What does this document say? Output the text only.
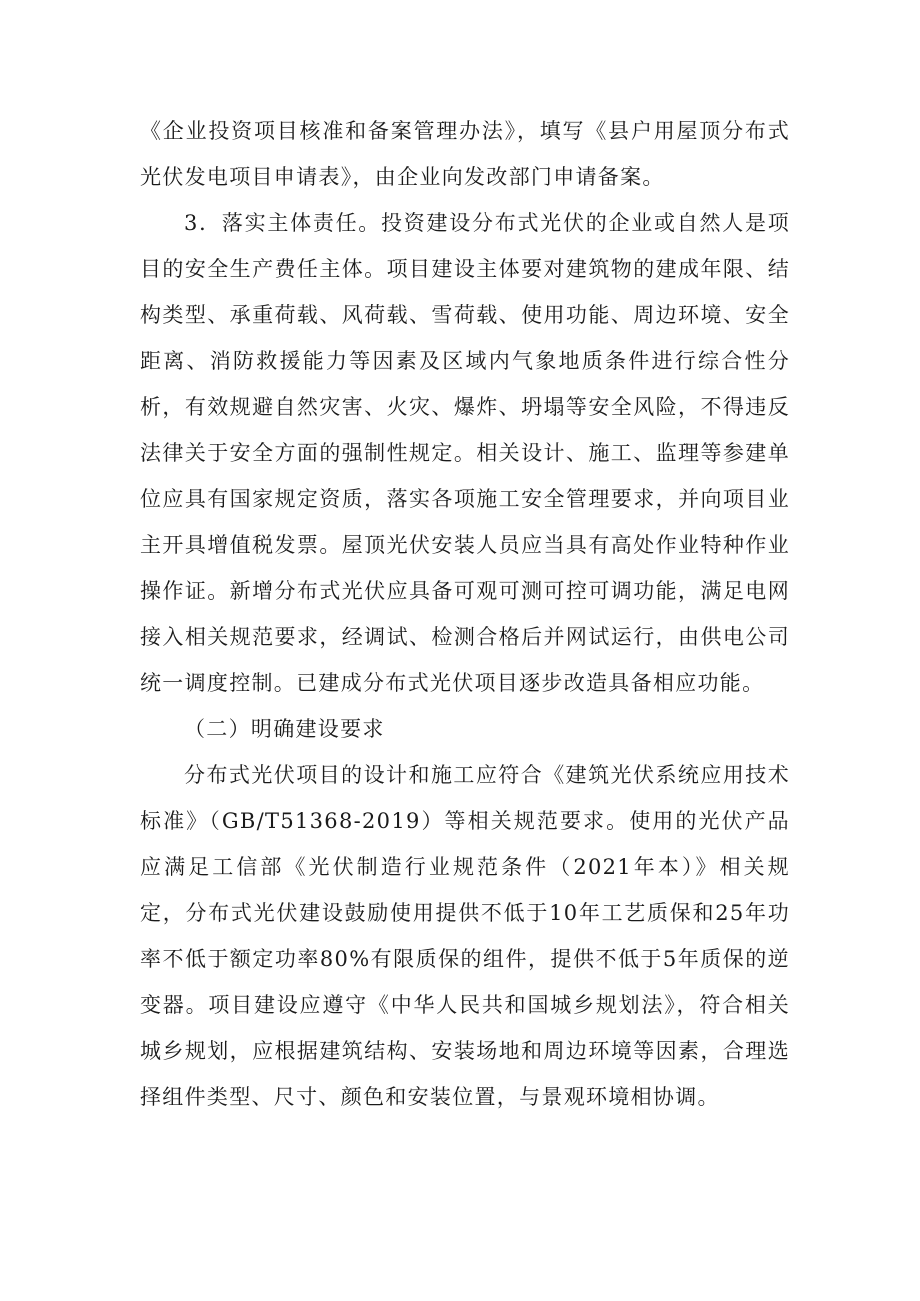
《企业投资项目核准和备案管理办法》，填写《县户用屋顶分布式光伏发电项目申请表》，由企业向发改部门申请备案。

3．落实主体责任。投资建设分布式光伏的企业或自然人是项目的安全生产费任主体。项目建设主体要对建筑物的建成年限、结构类型、承重荷载、风荷载、雪荷载、使用功能、周边环境、安全距离、消防救援能力等因素及区域内气象地质条件进行综合性分析，有效规避自然灾害、火灾、爆炸、坍塌等安全风险，不得违反法律关于安全方面的强制性规定。相关设计、施工、监理等参建单位应具有国家规定资质，落实各项施工安全管理要求，并向项目业主开具增值税发票。屋顶光伏安装人员应当具有高处作业特种作业操作证。新增分布式光伏应具备可观可测可控可调功能，满足电网接入相关规范要求，经调试、检测合格后并网试运行，由供电公司统一调度控制。已建成分布式光伏项目逐步改造具备相应功能。

（二）明确建设要求

分布式光伏项目的设计和施工应符合《建筑光伏系统应用技术标准》（GB/T51368-2019）等相关规范要求。使用的光伏产品应满足工信部《光伏制造行业规范条件（2021年本）》相关规定，分布式光伏建设鼓励使用提供不低于10年工艺质保和25年功率不低于额定功率80%有限质保的组件，提供不低于5年质保的逆变器。项目建设应遵守《中华人民共和国城乡规划法》，符合相关城乡规划，应根据建筑结构、安装场地和周边环境等因素，合理选择组件类型、尺寸、颜色和安装位置，与景观环境相协调。
